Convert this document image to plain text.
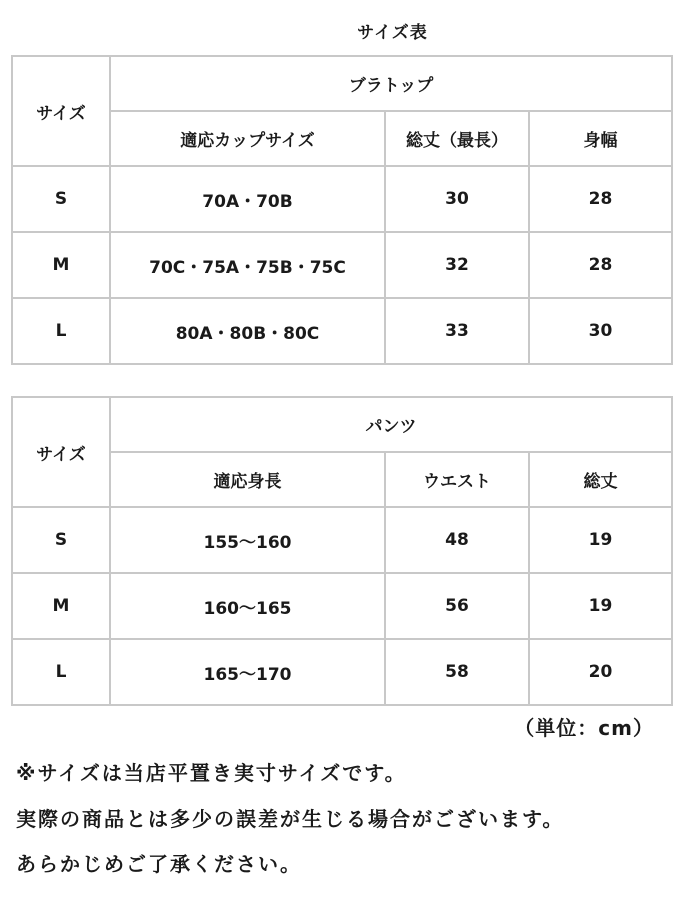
サイズ表
サイズ	ブラトップ		
	適応カップサイズ	総丈（最長）	身幅
S	70A・70B	30	28
M	70C・75A・75B・75C	32	28
L	80A・80B・80C	33	30
サイズ	パンツ		
	適応身長	ウエスト	総丈
S	155～160	48	19
M	160～165	56	19
L	165～170	58	20
（単位：cm）
※サイズは当店平置き実寸サイズです。
実際の商品とは多少の誤差が生じる場合がございます。
あらかじめご了承ください。
